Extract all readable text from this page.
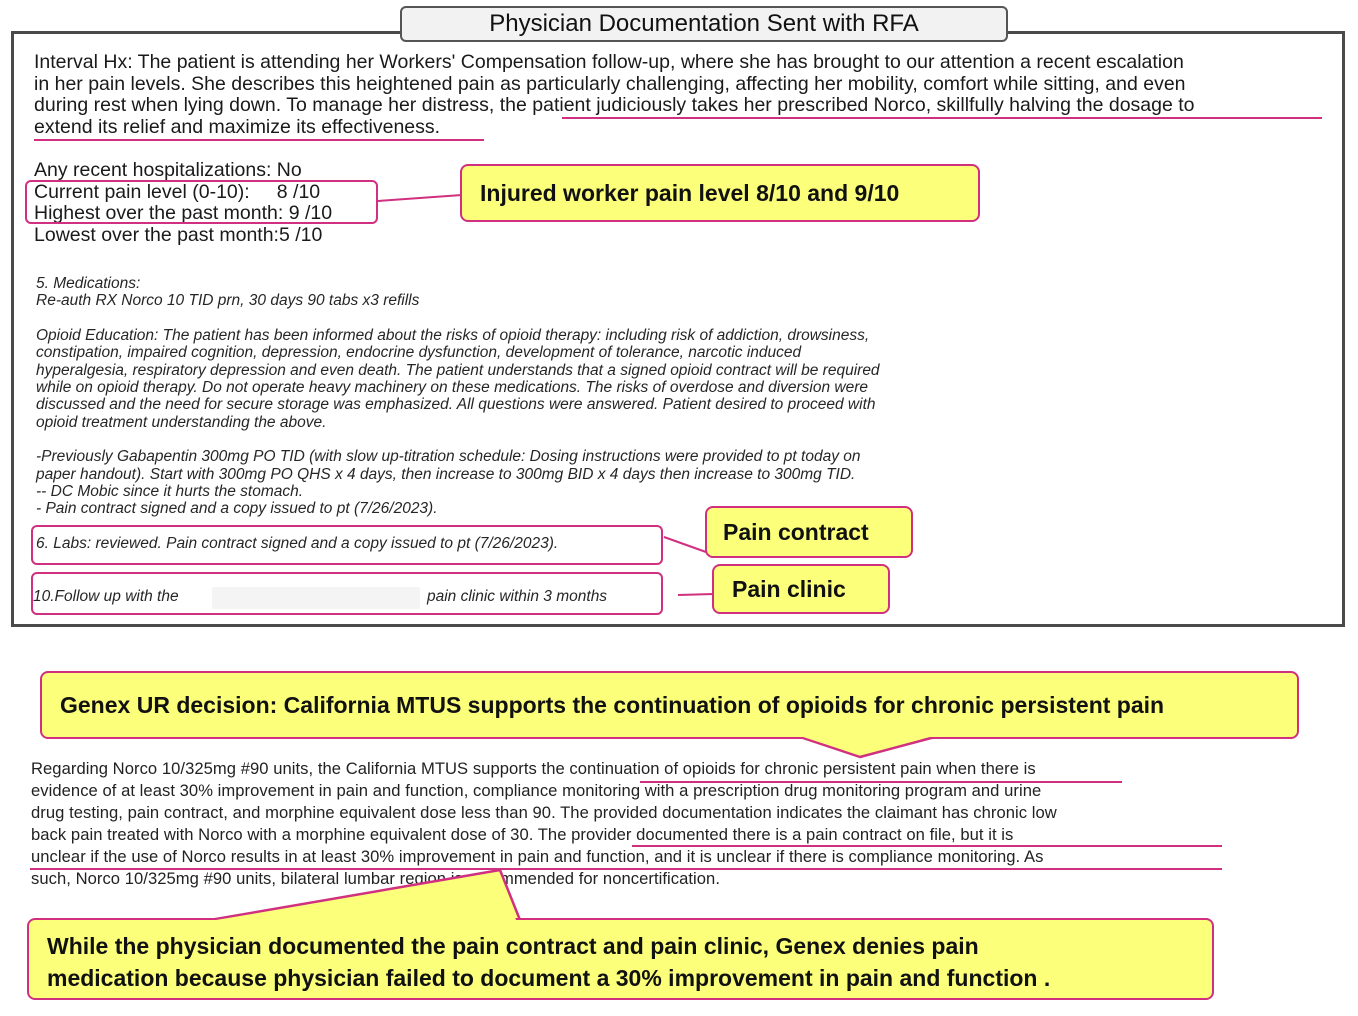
Physician Documentation Sent with RFA
Interval Hx: The patient is attending her Workers' Compensation follow-up, where she has brought to our attention a recent escalation
in her pain levels. She describes this heightened pain as particularly challenging, affecting her mobility, comfort while sitting, and even
during rest when lying down. To manage her distress, the patient judiciously takes her prescribed Norco, skillfully halving the dosage to
extend its relief and maximize its effectiveness.
Any recent hospitalizations: No
Current pain level (0-10):     8 /10
Highest over the past month: 9 /10
Lowest over the past month:5 /10
5. Medications:
Re-auth RX Norco 10 TID prn, 30 days 90 tabs x3 refills
Opioid Education: The patient has been informed about the risks of opioid therapy: including risk of addiction, drowsiness,
constipation, impaired cognition, depression, endocrine dysfunction, development of tolerance, narcotic induced
hyperalgesia, respiratory depression and even death. The patient understands that a signed opioid contract will be required
while on opioid therapy. Do not operate heavy machinery on these medications. The risks of overdose and diversion were
discussed and the need for secure storage was emphasized. All questions were answered. Patient desired to proceed with
opioid treatment understanding the above.
-Previously Gabapentin 300mg PO TID (with slow up-titration schedule: Dosing instructions were provided to pt today on
paper handout). Start with 300mg PO QHS x 4 days, then increase to 300mg BID x 4 days then increase to 300mg TID.
-- DC Mobic since it hurts the stomach.
- Pain contract signed and a copy issued to pt (7/26/2023).
6. Labs: reviewed. Pain contract signed and a copy issued to pt (7/26/2023).
10.Follow up with the	pain clinic within 3 months
Injured worker pain level 8/10 and 9/10
Pain contract
Pain clinic
Genex UR decision: California MTUS supports the continuation of opioids for chronic persistent pain
Regarding Norco 10/325mg #90 units, the California MTUS supports the continuation of opioids for chronic persistent pain when there is
evidence of at least 30% improvement in pain and function, compliance monitoring with a prescription drug monitoring program and urine
drug testing, pain contract, and morphine equivalent dose less than 90. The provided documentation indicates the claimant has chronic low
back pain treated with Norco with a morphine equivalent dose of 30. The provider documented there is a pain contract on file, but it is
unclear if the use of Norco results in at least 30% improvement in pain and function, and it is unclear if there is compliance monitoring. As
such, Norco 10/325mg #90 units, bilateral lumbar region is recommended for noncertification.
While the physician documented the pain contract and pain clinic, Genex denies pain
medication because physician failed to document a 30% improvement in pain and function .
